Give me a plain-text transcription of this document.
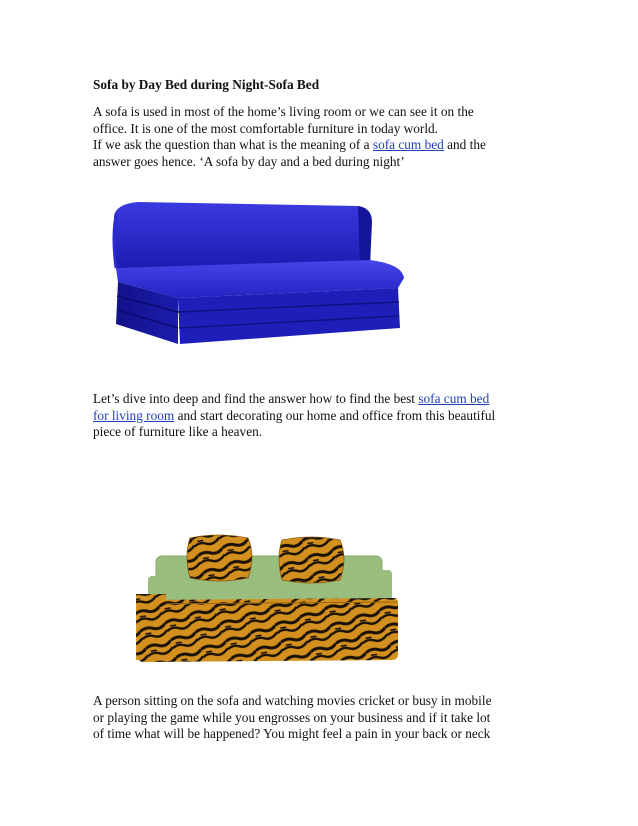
Sofa by Day Bed during Night-Sofa Bed

A sofa is used in most of the home’s living room or we can see it on the
office. It is one of the most comfortable furniture in today world.
If we ask the question than what is the meaning of a sofa cum bed and the
answer goes hence. ‘A sofa by day and a bed during night’

Let’s dive into deep and find the answer how to find the best sofa cum bed
for living room and start decorating our home and office from this beautiful
piece of furniture like a heaven.

A person sitting on the sofa and watching movies cricket or busy in mobile
or playing the game while you engrosses on your business and if it take lot
of time what will be happened? You might feel a pain in your back or neck
